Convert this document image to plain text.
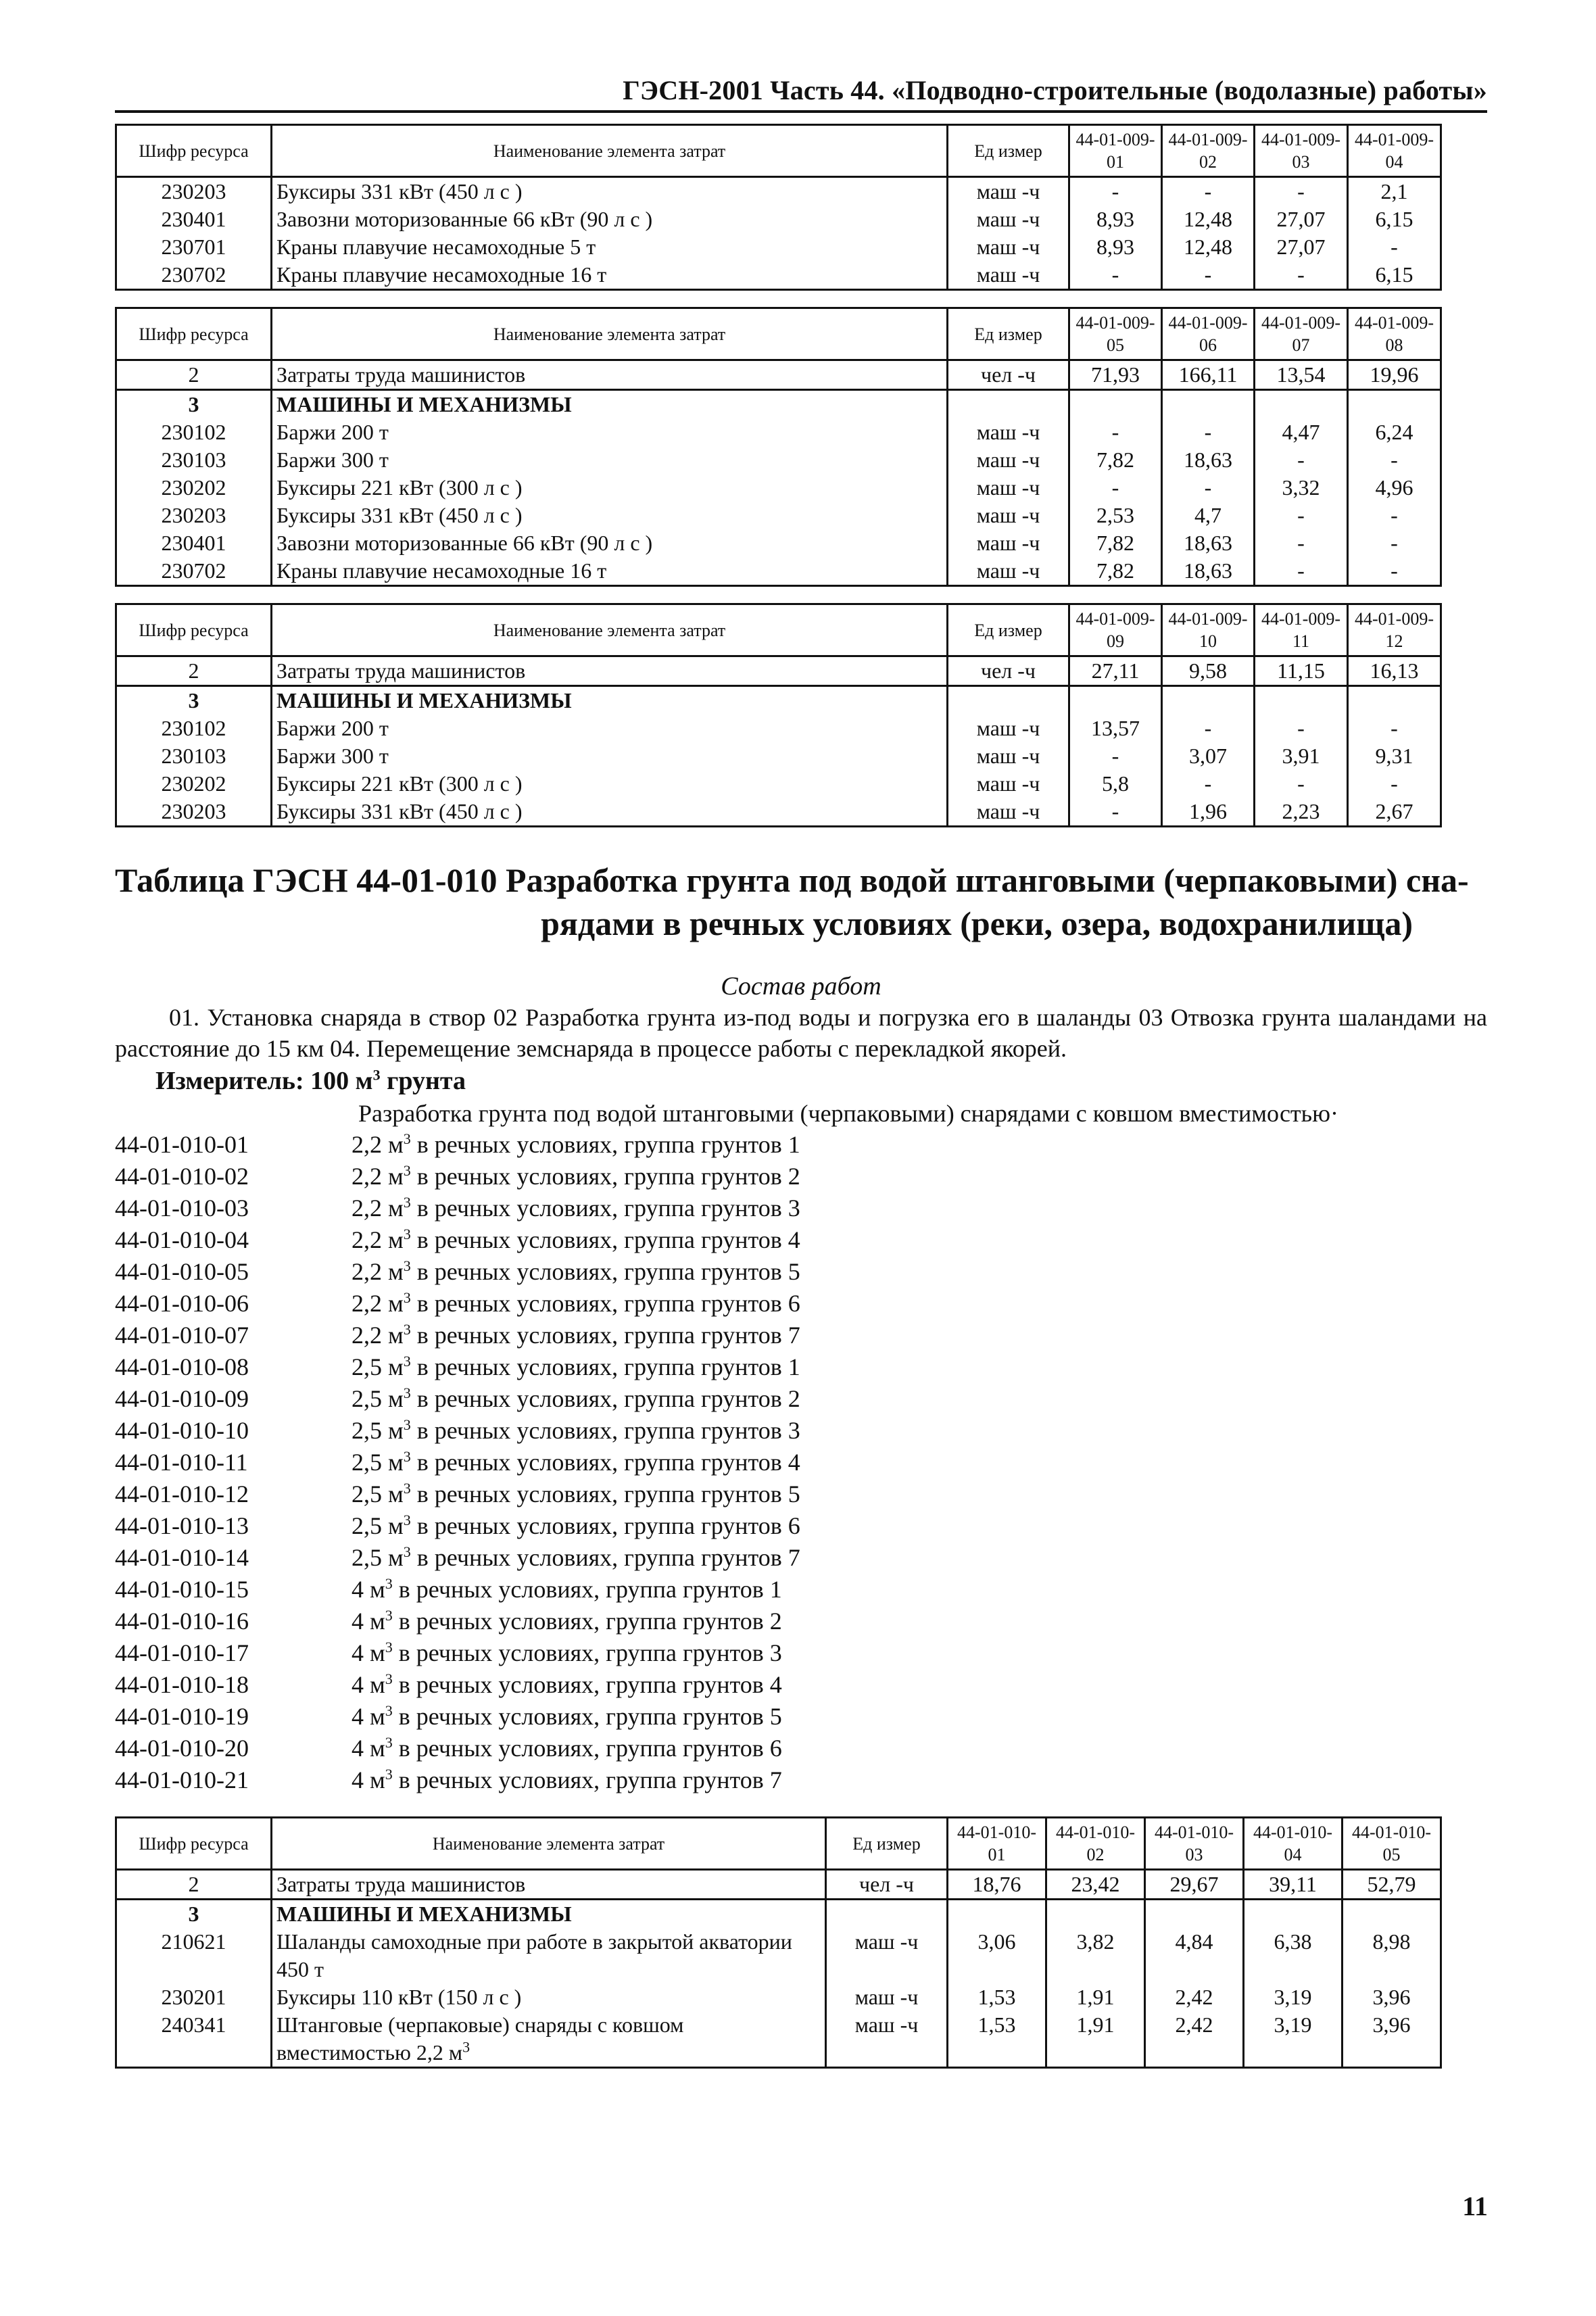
ГЭСН-2001 Часть 44. «Подводно-строительные (водолазные) работы»
Шифр ресурса	Наименование элемента затрат	Ед измер	44-01-009-01	44-01-009-02	44-01-009-03	44-01-009-04
230203	Буксиры 331 кВт (450 л с )	маш -ч	-	-	-	2,1
230401	Завозни моторизованные 66 кВт (90 л с )	маш -ч	8,93	12,48	27,07	6,15
230701	Краны плавучие несамоходные 5 т	маш -ч	8,93	12,48	27,07	-
230702	Краны плавучие несамоходные 16 т	маш -ч	-	-	-	6,15
Шифр ресурса	Наименование элемента затрат	Ед измер	44-01-009-05	44-01-009-06	44-01-009-07	44-01-009-08
2	Затраты труда машинистов	чел -ч	71,93	166,11	13,54	19,96
3	МАШИНЫ И МЕХАНИЗМЫ					
230102	Баржи 200 т	маш -ч	-	-	4,47	6,24
230103	Баржи 300 т	маш -ч	7,82	18,63	-	-
230202	Буксиры 221 кВт (300 л с )	маш -ч	-	-	3,32	4,96
230203	Буксиры 331 кВт (450 л с )	маш -ч	2,53	4,7	-	-
230401	Завозни моторизованные 66 кВт (90 л с )	маш -ч	7,82	18,63	-	-
230702	Краны плавучие несамоходные 16 т	маш -ч	7,82	18,63	-	-
Шифр ресурса	Наименование элемента затрат	Ед измер	44-01-009-09	44-01-009-10	44-01-009-11	44-01-009-12
2	Затраты труда машинистов	чел -ч	27,11	9,58	11,15	16,13
3	МАШИНЫ И МЕХАНИЗМЫ					
230102	Баржи 200 т	маш -ч	13,57	-	-	-
230103	Баржи 300 т	маш -ч	-	3,07	3,91	9,31
230202	Буксиры 221 кВт (300 л с )	маш -ч	5,8	-	-	-
230203	Буксиры 331 кВт (450 л с )	маш -ч	-	1,96	2,23	2,67
Таблица ГЭСН 44-01-010 Разработка грунта под водой штанговыми (черпаковыми) сна-
рядами в речных условиях (реки, озера, водохранилища)
Состав работ
01. Установка снаряда в створ 02 Разработка грунта из-под воды и погрузка его в шаланды 03 Отвозка грунта шаландами на расстояние до 15 км 04. Перемещение земснаряда в процессе работы с перекладкой якорей.
Измеритель: 100 $м^3$ грунта
Разработка грунта под водой штанговыми (черпаковыми) снарядами с ковшом вместимостью·
44-01-010-01	2,2 $м^3$ в речных условиях, группа грунтов 1
44-01-010-02	2,2 $м^3$ в речных условиях, группа грунтов 2
44-01-010-03	2,2 $м^3$ в речных условиях, группа грунтов 3
44-01-010-04	2,2 $м^3$ в речных условиях, группа грунтов 4
44-01-010-05	2,2 $м^3$ в речных условиях, группа грунтов 5
44-01-010-06	2,2 $м^3$ в речных условиях, группа грунтов 6
44-01-010-07	2,2 $м^3$ в речных условиях, группа грунтов 7
44-01-010-08	2,5 $м^3$ в речных условиях, группа грунтов 1
44-01-010-09	2,5 $м^3$ в речных условиях, группа грунтов 2
44-01-010-10	2,5 $м^3$ в речных условиях, группа грунтов 3
44-01-010-11	2,5 $м^3$ в речных условиях, группа грунтов 4
44-01-010-12	2,5 $м^3$ в речных условиях, группа грунтов 5
44-01-010-13	2,5 $м^3$ в речных условиях, группа грунтов 6
44-01-010-14	2,5 $м^3$ в речных условиях, группа грунтов 7
44-01-010-15	4 $м^3$ в речных условиях, группа грунтов 1
44-01-010-16	4 $м^3$ в речных условиях, группа грунтов 2
44-01-010-17	4 $м^3$ в речных условиях, группа грунтов 3
44-01-010-18	4 $м^3$ в речных условиях, группа грунтов 4
44-01-010-19	4 $м^3$ в речных условиях, группа грунтов 5
44-01-010-20	4 $м^3$ в речных условиях, группа грунтов 6
44-01-010-21	4 $м^3$ в речных условиях, группа грунтов 7
Шифр ресурса	Наименование элемента затрат	Ед измер	44-01-010-01	44-01-010-02	44-01-010-03	44-01-010-04	44-01-010-05
2	Затраты труда машинистов	чел -ч	18,76	23,42	29,67	39,11	52,79
3	МАШИНЫ И МЕХАНИЗМЫ						
210621	Шаланды самоходные при работе в закрытой акватории 450 т	маш -ч	3,06	3,82	4,84	6,38	8,98
230201	Буксиры 110 кВт (150 л с )	маш -ч	1,53	1,91	2,42	3,19	3,96
240341	Штанговые (черпаковые) снаряды с ковшом вместимостью 2,2 $м^3$	маш -ч	1,53	1,91	2,42	3,19	3,96
11
